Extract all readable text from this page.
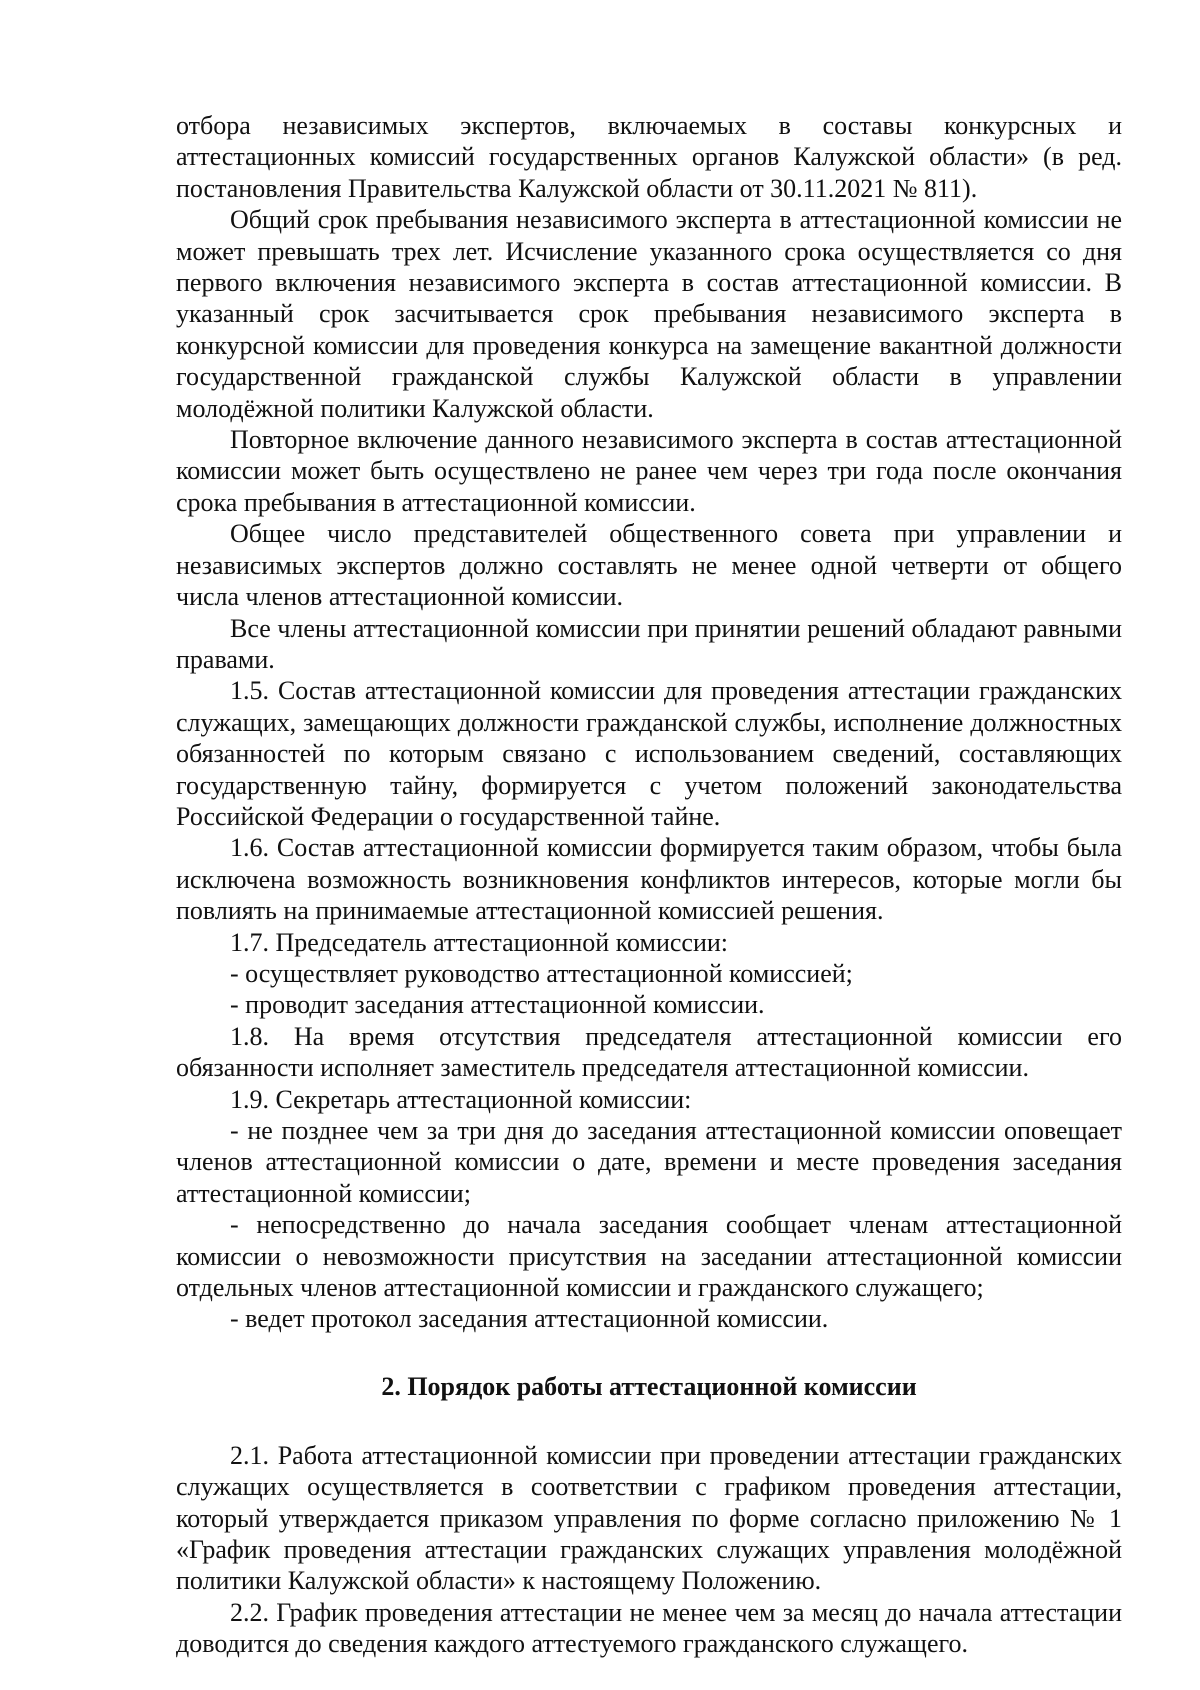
отбора независимых экспертов, включаемых в составы конкурсных и аттестационных комиссий государственных органов Калужской области» (в ред. постановления Правительства Калужской области от 30.11.2021 № 811).

Общий срок пребывания независимого эксперта в аттестационной комиссии не может превышать трех лет. Исчисление указанного срока осуществляется со дня первого включения независимого эксперта в состав аттестационной комиссии. В указанный срок засчитывается срок пребывания независимого эксперта в конкурсной комиссии для проведения конкурса на замещение вакантной должности государственной гражданской службы Калужской области в управлении молодёжной политики Калужской области.

Повторное включение данного независимого эксперта в состав аттестационной комиссии может быть осуществлено не ранее чем через три года после окончания срока пребывания в аттестационной комиссии.

Общее число представителей общественного совета при управлении и независимых экспертов должно составлять не менее одной четверти от общего числа членов аттестационной комиссии.

Все члены аттестационной комиссии при принятии решений обладают равными правами.

1.5. Состав аттестационной комиссии для проведения аттестации гражданских служащих, замещающих должности гражданской службы, исполнение должностных обязанностей по которым связано с использованием сведений, составляющих государственную тайну, формируется с учетом положений законодательства Российской Федерации о государственной тайне.

1.6. Состав аттестационной комиссии формируется таким образом, чтобы была исключена возможность возникновения конфликтов интересов, которые могли бы повлиять на принимаемые аттестационной комиссией решения.

1.7. Председатель аттестационной комиссии:

- осуществляет руководство аттестационной комиссией;

- проводит заседания аттестационной комиссии.

1.8. На время отсутствия председателя аттестационной комиссии его обязанности исполняет заместитель председателя аттестационной комиссии.

1.9. Секретарь аттестационной комиссии:

- не позднее чем за три дня до заседания аттестационной комиссии оповещает членов аттестационной комиссии о дате, времени и месте проведения заседания аттестационной комиссии;

- непосредственно до начала заседания сообщает членам аттестационной комиссии о невозможности присутствия на заседании аттестационной комиссии отдельных членов аттестационной комиссии и гражданского служащего;

- ведет протокол заседания аттестационной комиссии.

2. Порядок работы аттестационной комиссии

2.1. Работа аттестационной комиссии при проведении аттестации гражданских служащих осуществляется в соответствии с графиком проведения аттестации, который утверждается приказом управления по форме согласно приложению № 1 «График проведения аттестации гражданских служащих управления молодёжной политики Калужской области» к настоящему Положению.

2.2. График проведения аттестации не менее чем за месяц до начала аттестации доводится до сведения каждого аттестуемого гражданского служащего.
